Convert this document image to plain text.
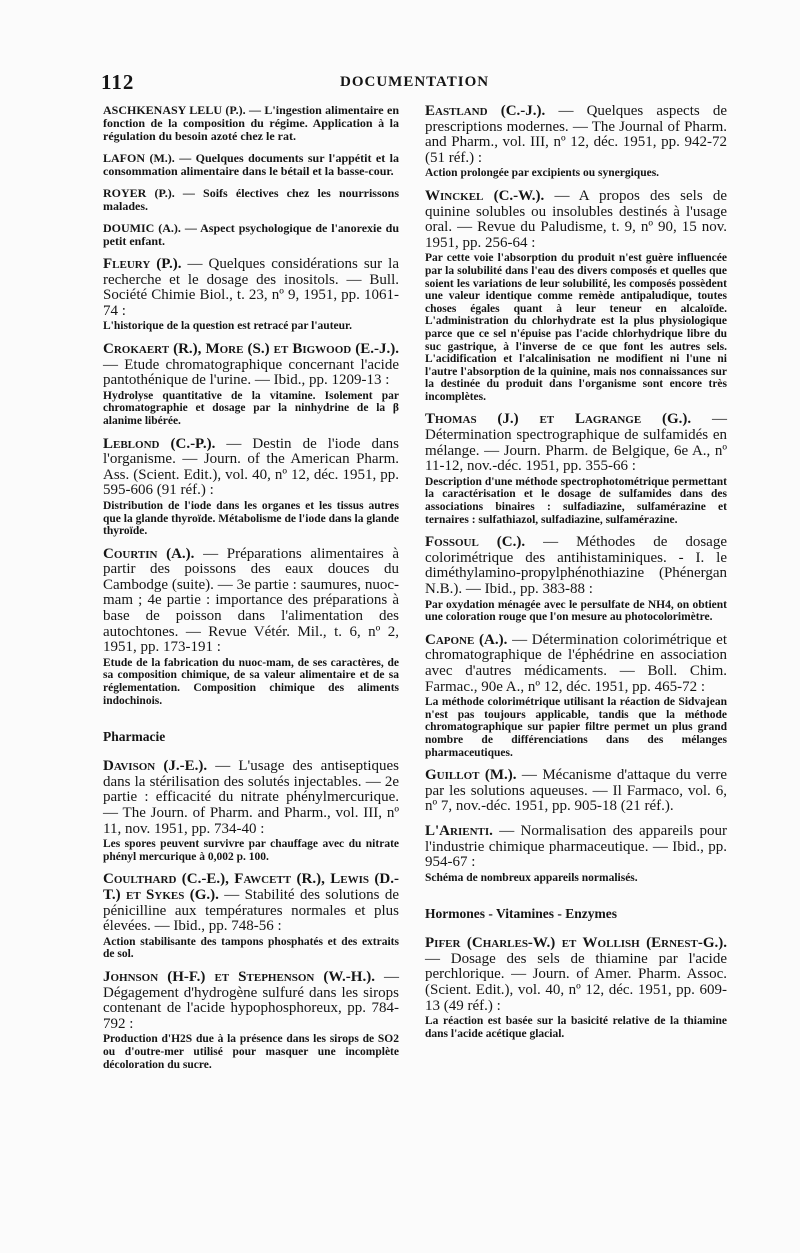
112	DOCUMENTATION
ASCHKENASY LELU (P.). — L'ingestion alimentaire en fonction de la composition du régime. Application à la régulation du besoin azoté chez le rat.
LAFON (M.). — Quelques documents sur l'appétit et la consommation alimentaire dans le bétail et la basse-cour.
ROYER (P.). — Soifs électives chez les nourrissons malades.
DOUMIC (A.). — Aspect psychologique de l'anorexie du petit enfant.
Fleury (P.). — Quelques considérations sur la recherche et le dosage des inositols. — Bull. Société Chimie Biol., t. 23, nº 9, 1951, pp. 1061-74 :
L'historique de la question est retracé par l'auteur.
Crokaert (R.), More (S.) et Bigwood (E.-J.). — Etude chromatographique concernant l'acide pantothénique de l'urine. — Ibid., pp. 1209-13 :
Hydrolyse quantitative de la vitamine. Isolement par chromatographie et dosage par la ninhydrine de la β alanime libérée.
Leblond (C.-P.). — Destin de l'iode dans l'organisme. — Journ. of the American Pharm. Ass. (Scient. Edit.), vol. 40, nº 12, déc. 1951, pp. 595-606 (91 réf.) :
Distribution de l'iode dans les organes et les tissus autres que la glande thyroïde. Métabolisme de l'iode dans la glande thyroïde.
Courtin (A.). — Préparations alimentaires à partir des poissons des eaux douces du Cambodge (suite). — 3e partie : saumures, nuoc-mam ; 4e partie : importance des préparations à base de poisson dans l'alimentation des autochtones. — Revue Vétér. Mil., t. 6, nº 2, 1951, pp. 173-191 :
Etude de la fabrication du nuoc-mam, de ses caractères, de sa composition chimique, de sa valeur alimentaire et de sa réglementation. Composition chimique des aliments indochinois.
Pharmacie
Davison (J.-E.). — L'usage des antiseptiques dans la stérilisation des solutés injectables. — 2e partie : efficacité du nitrate phénylmercurique. — The Journ. of Pharm. and Pharm., vol. III, nº 11, nov. 1951, pp. 734-40 :
Les spores peuvent survivre par chauffage avec du nitrate phényl mercurique à 0,002 p. 100.
Coulthard (C.-E.), Fawcett (R.), Lewis (D.-T.) et Sykes (G.). — Stabilité des solutions de pénicilline aux températures normales et plus élevées. — Ibid., pp. 748-56 :
Action stabilisante des tampons phosphatés et des extraits de sol.
Johnson (H-F.) et Stephenson (W.-H.). — Dégagement d'hydrogène sulfuré dans les sirops contenant de l'acide hypophosphoreux, pp. 784-792 :
Production d'H2S due à la présence dans les sirops de SO2 ou d'outre-mer utilisé pour masquer une incomplète décoloration du sucre.
Eastland (C.-J.). — Quelques aspects de prescriptions modernes. — The Journal of Pharm. and Pharm., vol. III, nº 12, déc. 1951, pp. 942-72 (51 réf.) :
Action prolongée par excipients ou synergiques.
Winckel (C.-W.). — A propos des sels de quinine solubles ou insolubles destinés à l'usage oral. — Revue du Paludisme, t. 9, nº 90, 15 nov. 1951, pp. 256-64 :
Par cette voie l'absorption du produit n'est guère influencée par la solubilité dans l'eau des divers composés et quelles que soient les variations de leur solubilité, les composés possèdent une valeur identique comme remède antipaludique, toutes choses égales quant à leur teneur en alcaloïde. L'administration du chlorhydrate est la plus physiologique parce que ce sel n'épuise pas l'acide chlorhydrique libre du suc gastrique, à l'inverse de ce que font les autres sels. L'acidification et l'alcalinisation ne modifient ni l'une ni l'autre l'absorption de la quinine, mais nos connaissances sur la destinée du produit dans l'organisme sont encore très incomplètes.
Thomas (J.) et Lagrange (G.). — Détermination spectrographique de sulfamidés en mélange. — Journ. Pharm. de Belgique, 6e A., nº 11-12, nov.-déc. 1951, pp. 355-66 :
Description d'une méthode spectrophotométrique permettant la caractérisation et le dosage de sulfamides dans des associations binaires : sulfadiazine, sulfamérazine et ternaires : sulfathiazol, sulfadiazine, sulfamérazine.
Fossoul (C.). — Méthodes de dosage colorimétrique des antihistaminiques. - I. le diméthylamino-propylphénothiazine (Phénergan N.B.). — Ibid., pp. 383-88 :
Par oxydation ménagée avec le persulfate de NH4, on obtient une coloration rouge que l'on mesure au photocolorimètre.
Capone (A.). — Détermination colorimétrique et chromatographique de l'éphédrine en association avec d'autres médicaments. — Boll. Chim. Farmac., 90e A., nº 12, déc. 1951, pp. 465-72 :
La méthode colorimétrique utilisant la réaction de Sidvajean n'est pas toujours applicable, tandis que la méthode chromatographique sur papier filtre permet un plus grand nombre de différenciations dans des mélanges pharmaceutiques.
Guillot (M.). — Mécanisme d'attaque du verre par les solutions aqueuses. — Il Farmaco, vol. 6, nº 7, nov.-déc. 1951, pp. 905-18 (21 réf.).
L'Arienti. — Normalisation des appareils pour l'industrie chimique pharmaceutique. — Ibid., pp. 954-67 :
Schéma de nombreux appareils normalisés.
Hormones - Vitamines - Enzymes
Pifer (Charles-W.) et Wollish (Ernest-G.). — Dosage des sels de thiamine par l'acide perchlorique. — Journ. of Amer. Pharm. Assoc. (Scient. Edit.), vol. 40, nº 12, déc. 1951, pp. 609-13 (49 réf.) :
La réaction est basée sur la basicité relative de la thiamine dans l'acide acétique glacial.
